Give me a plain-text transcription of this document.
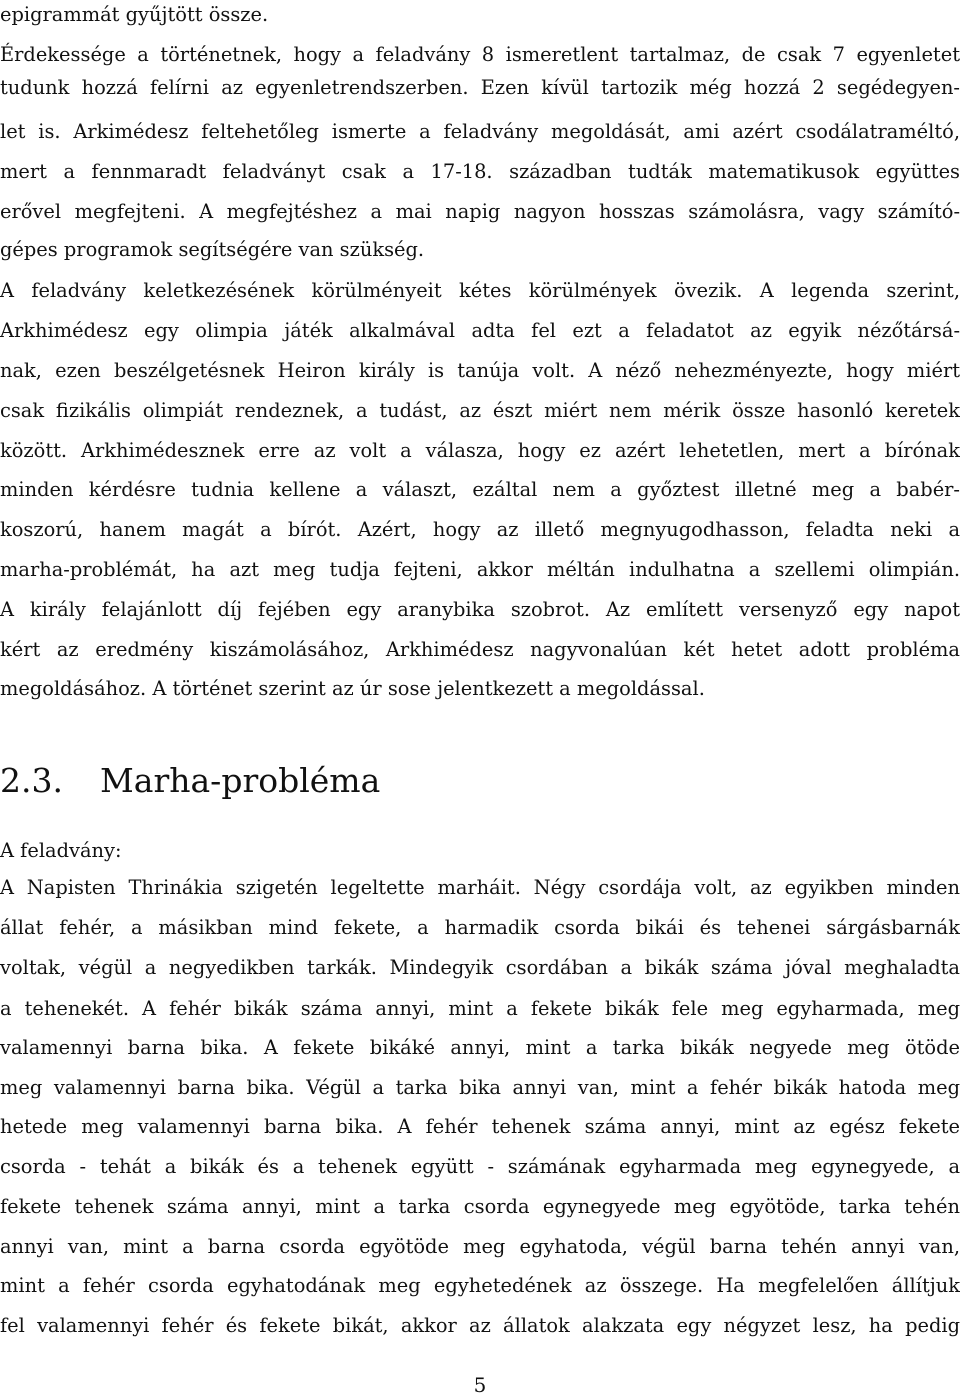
epigrammát gyűjtött össze.
Érdekessége a történetnek, hogy a feladvány 8 ismeretlent tartalmaz, de csak 7 egyenletet
tudunk hozzá felírni az egyenletrendszerben. Ezen kívül tartozik még hozzá 2 segédegyen-
let is. Arkimédesz feltehetőleg ismerte a feladvány megoldását, ami azért csodálatraméltó,
mert a fennmaradt feladványt csak a 17-18. században tudták matematikusok együttes
erővel megfejteni. A megfejtéshez a mai napig nagyon hosszas számolásra, vagy számító-
gépes programok segítségére van szükség.
A feladvány keletkezésének körülményeit kétes körülmények övezik. A legenda szerint,
Arkhimédesz egy olimpia játék alkalmával adta fel ezt a feladatot az egyik nézőtársá-
nak, ezen beszélgetésnek Heiron király is tanúja volt. A néző nehezményezte, hogy miért
csak fizikális olimpiát rendeznek, a tudást, az észt miért nem mérik össze hasonló keretek
között. Arkhimédesznek erre az volt a válasza, hogy ez azért lehetetlen, mert a bírónak
minden kérdésre tudnia kellene a választ, ezáltal nem a győztest illetné meg a babér-
koszorú, hanem magát a bírót. Azért, hogy az illető megnyugodhasson, feladta neki a
marha-problémát, ha azt meg tudja fejteni, akkor méltán indulhatna a szellemi olimpián.
A király felajánlott díj fejében egy aranybika szobrot. Az említett versenyző egy napot
kért az eredmény kiszámolásához, Arkhimédesz nagyvonalúan két hetet adott probléma
megoldásához. A történet szerint az úr sose jelentkezett a megoldással.
2.3. Marha-probléma
A feladvány:
A Napisten Thrinákia szigetén legeltette marháit. Négy csordája volt, az egyikben minden
állat fehér, a másikban mind fekete, a harmadik csorda bikái és tehenei sárgásbarnák
voltak, végül a negyedikben tarkák. Mindegyik csordában a bikák száma jóval meghaladta
a tehenekét. A fehér bikák száma annyi, mint a fekete bikák fele meg egyharmada, meg
valamennyi barna bika. A fekete bikáké annyi, mint a tarka bikák negyede meg ötöde
meg valamennyi barna bika. Végül a tarka bika annyi van, mint a fehér bikák hatoda meg
hetede meg valamennyi barna bika. A fehér tehenek száma annyi, mint az egész fekete
csorda - tehát a bikák és a tehenek együtt - számának egyharmada meg egynegyede, a
fekete tehenek száma annyi, mint a tarka csorda egynegyede meg egyötöde, tarka tehén
annyi van, mint a barna csorda egyötöde meg egyhatoda, végül barna tehén annyi van,
mint a fehér csorda egyhatodának meg egyhetedének az összege. Ha megfelelően állítjuk
fel valamennyi fehér és fekete bikát, akkor az állatok alakzata egy négyzet lesz, ha pedig
5
